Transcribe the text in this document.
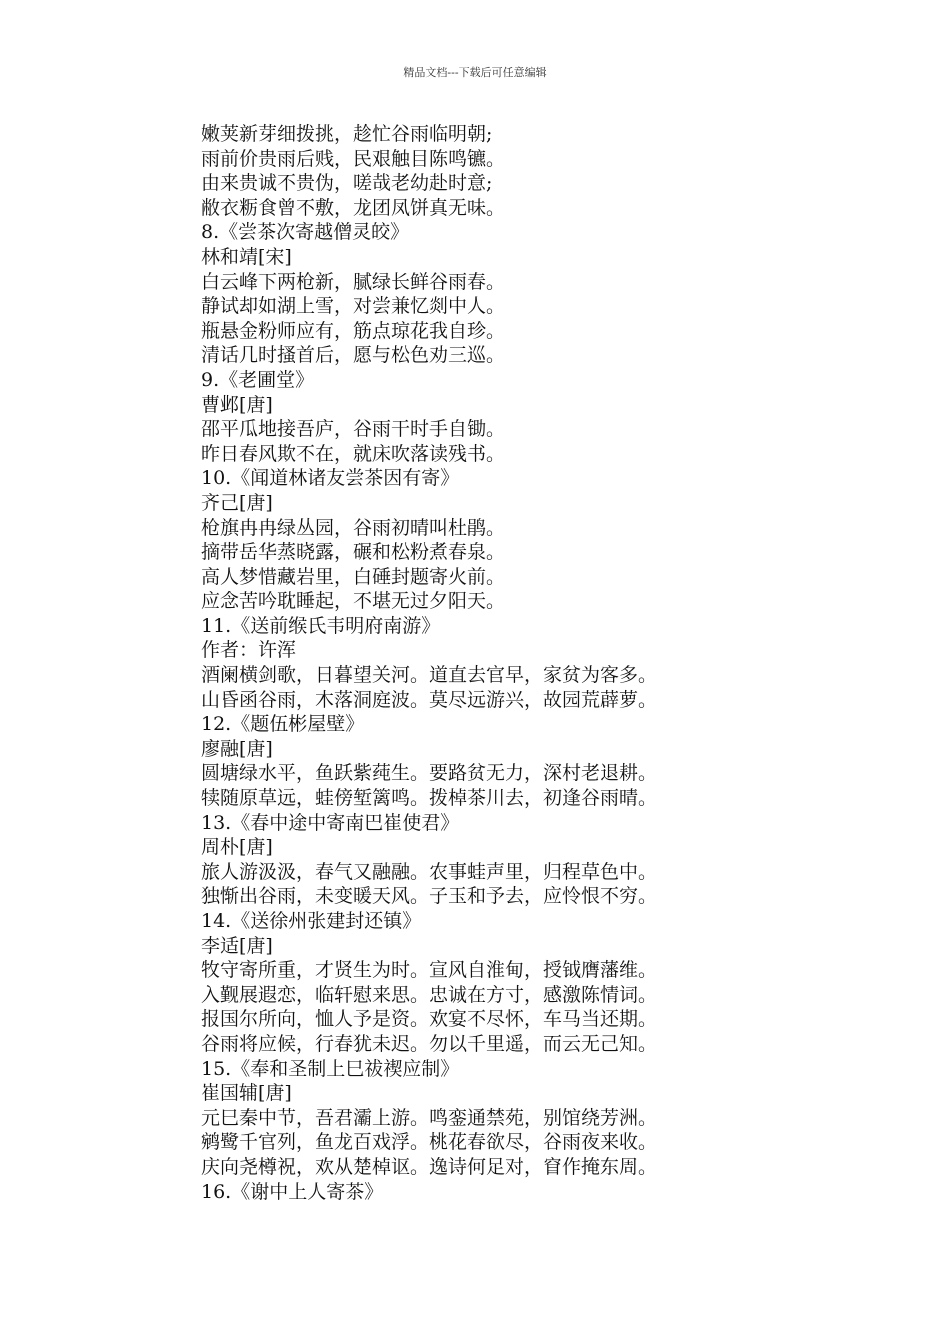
精品文档---下载后可任意编辑
嫩荚新芽细拨挑，趁忙谷雨临明朝;
雨前价贵雨后贱，民艰触目陈鸣镳。
由来贵诚不贵伪，嗟哉老幼赴时意;
敝衣粝食曾不敷，龙团凤饼真无味。
8.《尝茶次寄越僧灵皎》
林和靖[宋]
白云峰下两枪新，腻绿长鲜谷雨春。
静试却如湖上雪，对尝兼忆剡中人。
瓶悬金粉师应有，筋点琼花我自珍。
清话几时搔首后，愿与松色劝三巡。
9.《老圃堂》
曹邺[唐]
邵平瓜地接吾庐，谷雨干时手自锄。
昨日春风欺不在，就床吹落读残书。
10.《闻道林诸友尝茶因有寄》
齐己[唐]
枪旗冉冉绿丛园，谷雨初晴叫杜鹃。
摘带岳华蒸晓露，碾和松粉煮春泉。
高人梦惜藏岩里，白硾封题寄火前。
应念苦吟耽睡起，不堪无过夕阳天。
11.《送前缑氏韦明府南游》
作者：许浑
酒阑横剑歌，日暮望关河。道直去官早，家贫为客多。
山昏函谷雨，木落洞庭波。莫尽远游兴，故园荒薜萝。
12.《题伍彬屋壁》
廖融[唐]
圆塘绿水平，鱼跃紫莼生。要路贫无力，深村老退耕。
犊随原草远，蛙傍堑篱鸣。拨棹茶川去，初逢谷雨晴。
13.《春中途中寄南巴崔使君》
周朴[唐]
旅人游汲汲，春气又融融。农事蛙声里，归程草色中。
独惭出谷雨，未变暖天风。子玉和予去，应怜恨不穷。
14.《送徐州张建封还镇》
李适[唐]
牧守寄所重，才贤生为时。宣风自淮甸，授钺膺藩维。
入觐展遐恋，临轩慰来思。忠诚在方寸，感激陈情词。
报国尔所向，恤人予是资。欢宴不尽怀，车马当还期。
谷雨将应候，行春犹未迟。勿以千里遥，而云无己知。
15.《奉和圣制上巳祓禊应制》
崔国辅[唐]
元巳秦中节，吾君灞上游。鸣銮通禁苑，别馆绕芳洲。
鹓鹭千官列，鱼龙百戏浮。桃花春欲尽，谷雨夜来收。
庆向尧樽祝，欢从楚棹讴。逸诗何足对，窅作掩东周。
16.《谢中上人寄茶》
